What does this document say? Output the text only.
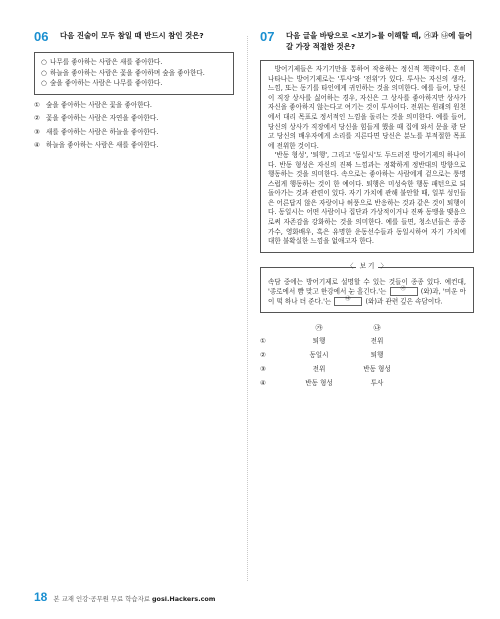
06 다음 진술이 모두 참일 때 반드시 참인 것은?
○ 나무를 좋아하는 사람은 새를 좋아한다.
○ 하늘을 좋아하는 사람은 꽃을 좋아하며 숲을 좋아한다.
○ 숲을 좋아하는 사람은 나무를 좋아한다.
① 숲을 좋아하는 사람은 꽃을 좋아한다.
② 꽃을 좋아하는 사람은 자연을 좋아한다.
③ 새를 좋아하는 사람은 하늘을 좋아한다.
④ 하늘을 좋아하는 사람은 새를 좋아한다.
07 다음 글을 바탕으로 <보기>를 이해할 때, ㉮과 ㉯에 들어갈 가장 적절한 것은?

방어기제들은 자기기만을 통하여 작용하는 정신적 책략이다. 흔히 나타나는 방어기제로는 '투사'와 '전위'가 있다. 투사는 자신의 생각, 느낌, 또는 동기를 타인에게 귀인하는 것을 의미한다. 예를 들어, 당신이 직장 상사를 싫어하는 경우, 자신은 그 상사를 좋아하지만 상사가 자신을 좋아하지 않는다고 여기는 것이 투사이다. 전위는 원래의 원천에서 대리 목표로 정서적인 느낌을 돌리는 것을 의미한다. 예를 들어, 당신의 상사가 직장에서 당신을 힘들게 했을 때 집에 와서 문을 쾅 닫고 당신의 배우자에게 소리를 지른다면 당신은 분노를 부적절한 목표에 전위한 것이다.

'반동 형성', '퇴행', 그리고 '동일시'도 두드러진 방어기제의 하나이다. 반동 형성은 자신의 진짜 느낌과는 정확하게 정반대의 방향으로 행동하는 것을 의미한다. 속으로는 좋아하는 사람에게 겉으로는 퉁명스럽게 행동하는 것이 한 예이다. 퇴행은 미성숙한 행동 패턴으로 되돌아가는 것과 관련이 있다. 자기 가치에 관해 불안할 때, 일부 성인들은 어른답지 않은 자랑이나 허풍으로 반응하는 것과 같은 것이 퇴행이다. 동일시는 어떤 사람이나 집단과 가상적이거나 진짜 동맹을 맺음으로써 자존감을 강화하는 것을 의미한다. 예를 들면, 청소년들은 종종 가수, 영화배우, 혹은 유명한 운동선수들과 동일시하여 자기 가치에 대한 불확실한 느낌을 없애고자 한다.

〈 보 기 〉
속담 중에는 방어기제로 설명할 수 있는 것들이 종종 있다. 예컨대, '종로에서 뺨 맞고 한강에서 눈 흘긴다.'는	㉮ (와)과, '미운 아이 떡 하나 더 준다.'는	㉯ (와)과 관련 깊은 속담이다.
㉮	㉯
①	퇴행	전위
②	동일시	퇴행
③	전위	반동 형성
④	반동 형성	투사
18 본 교재 인강·공무원 무료 학습자료 gosi.Hackers.com
